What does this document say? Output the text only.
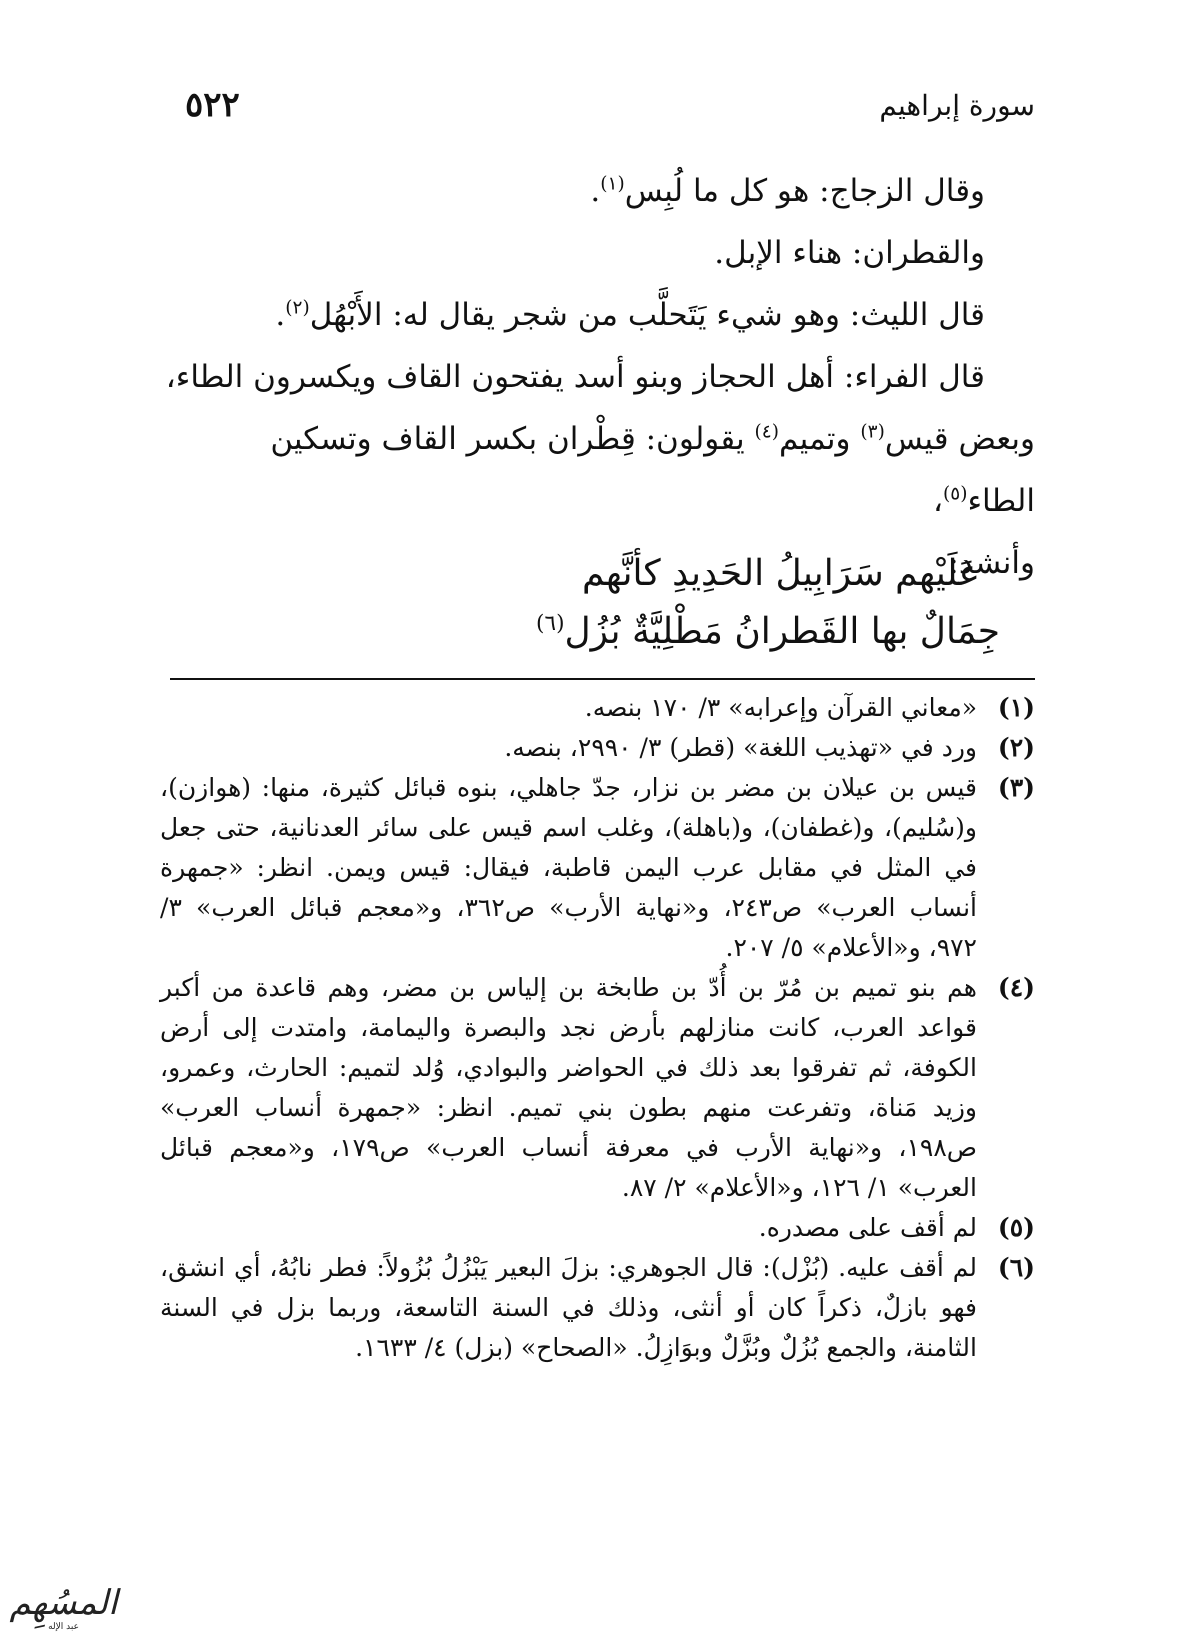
سورة إبراهيم
٥٢٢

وقال الزجاج: هو كل ما لُبِس$^{(١)}$.

والقطران: هناء الإبل.

قال الليث: وهو شيء يَتَحلَّب من شجر يقال له: الأَبْهُل$^{(٢)}$.

قال الفراء: أهل الحجاز وبنو أسد يفتحون القاف ويكسرون الطاء،

وبعض قيس$^{(٣)}$ وتميم$^{(٤)}$ يقولون: قِطْران بكسر القاف وتسكين الطاء$^{(٥)}$،

وأنشد:

عَلَيْهم سَرَابِيلُ الحَدِيدِ كأنَّهم

جِمَالٌ بها القَطرانُ مَطْلِيَّةٌ بُزُل$^{(٦)}$

(١)
«معاني القرآن وإعرابه» ٣/ ١٧٠ بنصه.
(٢)
ورد في «تهذيب اللغة» (قطر) ٣/ ٢٩٩٠، بنصه.
(٣)
قيس بن عيلان بن مضر بن نزار، جدّ جاهلي، بنوه قبائل كثيرة، منها: (هوازن)، و(سُليم)، و(غطفان)، و(باهلة)، وغلب اسم قيس على سائر العدنانية، حتى جعل في المثل في مقابل عرب اليمن قاطبة، فيقال: قيس ويمن. انظر: «جمهرة أنساب العرب» ص٢٤٣، و«نهاية الأرب» ص٣٦٢، و«معجم قبائل العرب» ٣/ ٩٧٢، و«الأعلام» ٥/ ٢٠٧.
(٤)
هم بنو تميم بن مُرّ بن أُدّ بن طابخة بن إلياس بن مضر، وهم قاعدة من أكبر قواعد العرب، كانت منازلهم بأرض نجد والبصرة واليمامة، وامتدت إلى أرض الكوفة، ثم تفرقوا بعد ذلك في الحواضر والبوادي، وُلد لتميم: الحارث، وعمرو، وزيد مَناة، وتفرعت منهم بطون بني تميم. انظر: «جمهرة أنساب العرب» ص١٩٨، و«نهاية الأرب في معرفة أنساب العرب» ص١٧٩، و«معجم قبائل العرب» ١/ ١٢٦، و«الأعلام» ٢/ ٨٧.
(٥)
لم أقف على مصدره.
(٦)
لم أقف عليه. (بُزْل): قال الجوهري: بزلَ البعير يَبْزُلُ بُزُولاً: فطر نابُهُ، أي انشق، فهو بازلٌ، ذكراً كان أو أنثى، وذلك في السنة التاسعة، وربما بزل في السنة الثامنة، والجمع بُزُلٌ وبُزَّلٌ وبوَازِلُ. «الصحاح» (بزل) ٤/ ١٦٣٣.
المسُهِم
عبد الإله
